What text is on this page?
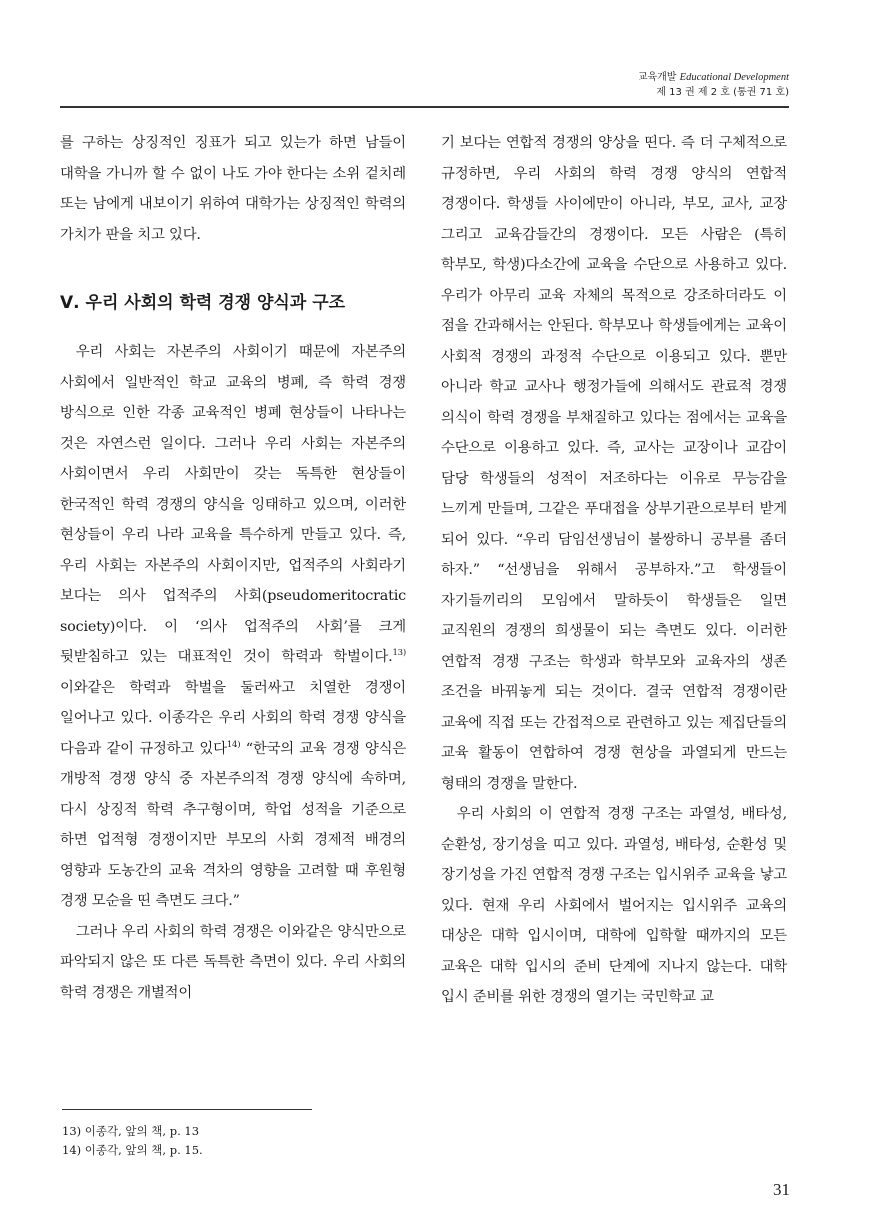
교육개발 Educational Development
제 13 권 제 2 호 (통권 71 호)

를 구하는 상징적인 징표가 되고 있는가 하면 남들이 대학을 가니까 할 수 없이 나도 가야 한다는 소위 겉치레 또는 남에게 내보이기 위하여 대학가는 상징적인 학력의 가치가 판을 치고 있다.

Ⅴ. 우리 사회의 학력 경쟁 양식과 구조

우리 사회는 자본주의 사회이기 때문에 자본주의 사회에서 일반적인 학교 교육의 병폐, 즉 학력 경쟁 방식으로 인한 각종 교육적인 병폐 현상들이 나타나는 것은 자연스런 일이다. 그러나 우리 사회는 자본주의 사회이면서 우리 사회만이 갖는 독특한 현상들이 한국적인 학력 경쟁의 양식을 잉태하고 있으며, 이러한 현상들이 우리 나라 교육을 특수하게 만들고 있다. 즉, 우리 사회는 자본주의 사회이지만, 업적주의 사회라기 보다는 의사 업적주의 사회(pseudomeritocratic society)이다. 이 ‘의사 업적주의 사회’를 크게 뒷받침하고 있는 대표적인 것이 학력과 학벌이다.$^{13)}$ 이와같은 학력과 학벌을 둘러싸고 치열한 경쟁이 일어나고 있다. 이종각은 우리 사회의 학력 경쟁 양식을 다음과 같이 규정하고 있다$^{14)}$ “한국의 교육 경쟁 양식은 개방적 경쟁 양식 중 자본주의적 경쟁 양식에 속하며, 다시 상징적 학력 추구형이며, 학업 성적을 기준으로 하면 업적형 경쟁이지만 부모의 사회 경제적 배경의 영향과 도농간의 교육 격차의 영향을 고려할 때 후원형 경쟁 모순을 띤 측면도 크다.”

그러나 우리 사회의 학력 경쟁은 이와같은 양식만으로 파악되지 않은 또 다른 독특한 측면이 있다. 우리 사회의 학력 경쟁은 개별적이

기 보다는 연합적 경쟁의 양상을 띤다. 즉 더 구체적으로 규정하면, 우리 사회의 학력 경쟁 양식의 연합적 경쟁이다. 학생들 사이에만이 아니라, 부모, 교사, 교장 그리고 교육감들간의 경쟁이다. 모든 사람은 (특히 학부모, 학생)다소간에 교육을 수단으로 사용하고 있다. 우리가 아무리 교육 자체의 목적으로 강조하더라도 이 점을 간과해서는 안된다. 학부모나 학생들에게는 교육이 사회적 경쟁의 과정적 수단으로 이용되고 있다. 뿐만 아니라 학교 교사나 행정가들에 의해서도 관료적 경쟁 의식이 학력 경쟁을 부채질하고 있다는 점에서는 교육을 수단으로 이용하고 있다. 즉, 교사는 교장이나 교감이 담당 학생들의 성적이 저조하다는 이유로 무능감을 느끼게 만들며, 그같은 푸대접을 상부기관으로부터 받게 되어 있다. “우리 담임선생님이 불쌍하니 공부를 좀더 하자.” “선생님을 위해서 공부하자.”고 학생들이 자기들끼리의 모임에서 말하듯이 학생들은 일면 교직원의 경쟁의 희생물이 되는 측면도 있다. 이러한 연합적 경쟁 구조는 학생과 학부모와 교육자의 생존 조건을 바꿔놓게 되는 것이다. 결국 연합적 경쟁이란 교육에 직접 또는 간접적으로 관련하고 있는 제집단들의 교육 활동이 연합하여 경쟁 현상을 과열되게 만드는 형태의 경쟁을 말한다.

우리 사회의 이 연합적 경쟁 구조는 과열성, 배타성, 순환성, 장기성을 띠고 있다. 과열성, 배타성, 순환성 및 장기성을 가진 연합적 경쟁 구조는 입시위주 교육을 낳고 있다. 현재 우리 사회에서 벌어지는 입시위주 교육의 대상은 대학 입시이며, 대학에 입학할 때까지의 모든 교육은 대학 입시의 준비 단계에 지나지 않는다. 대학 입시 준비를 위한 경쟁의 열기는 국민학교 교

13) 이종각, 앞의 책, p. 13
14) 이종각, 앞의 책, p. 15.
31
